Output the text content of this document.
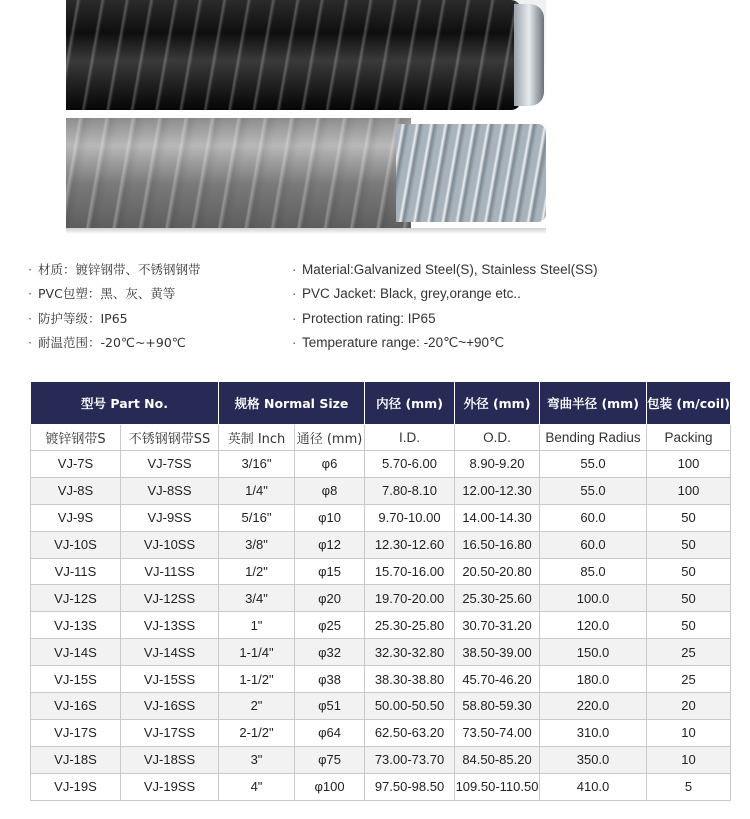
· 材质：镀锌钢带、不锈钢钢带
· PVC包塑：黑、灰、黄等
· 防护等级：IP65
· 耐温范围：-20℃~+90℃
· Material:Galvanized Steel(S), Stainless Steel(SS)
· PVC Jacket: Black, grey,orange etc..
· Protection rating: IP65
· Temperature range: -20℃~+90℃
型号 Part No.		规格 Normal Size		内径 (mm)	外径 (mm)	弯曲半径 (mm)	包装 (m/coil)
镀锌钢带S	不锈钢钢带SS	英制 Inch	通径 (mm)	I.D.	O.D.	Bending Radius	Packing
VJ-7S	VJ-7SS	3/16"	φ6	5.70-6.00	8.90-9.20	55.0	100
VJ-8S	VJ-8SS	1/4"	φ8	7.80-8.10	12.00-12.30	55.0	100
VJ-9S	VJ-9SS	5/16"	φ10	9.70-10.00	14.00-14.30	60.0	50
VJ-10S	VJ-10SS	3/8"	φ12	12.30-12.60	16.50-16.80	60.0	50
VJ-11S	VJ-11SS	1/2"	φ15	15.70-16.00	20.50-20.80	85.0	50
VJ-12S	VJ-12SS	3/4"	φ20	19.70-20.00	25.30-25.60	100.0	50
VJ-13S	VJ-13SS	1"	φ25	25.30-25.80	30.70-31.20	120.0	50
VJ-14S	VJ-14SS	1-1/4"	φ32	32.30-32.80	38.50-39.00	150.0	25
VJ-15S	VJ-15SS	1-1/2"	φ38	38.30-38.80	45.70-46.20	180.0	25
VJ-16S	VJ-16SS	2"	φ51	50.00-50.50	58.80-59.30	220.0	20
VJ-17S	VJ-17SS	2-1/2"	φ64	62.50-63.20	73.50-74.00	310.0	10
VJ-18S	VJ-18SS	3"	φ75	73.00-73.70	84.50-85.20	350.0	10
VJ-19S	VJ-19SS	4"	φ100	97.50-98.50	109.50-110.50	410.0	5
